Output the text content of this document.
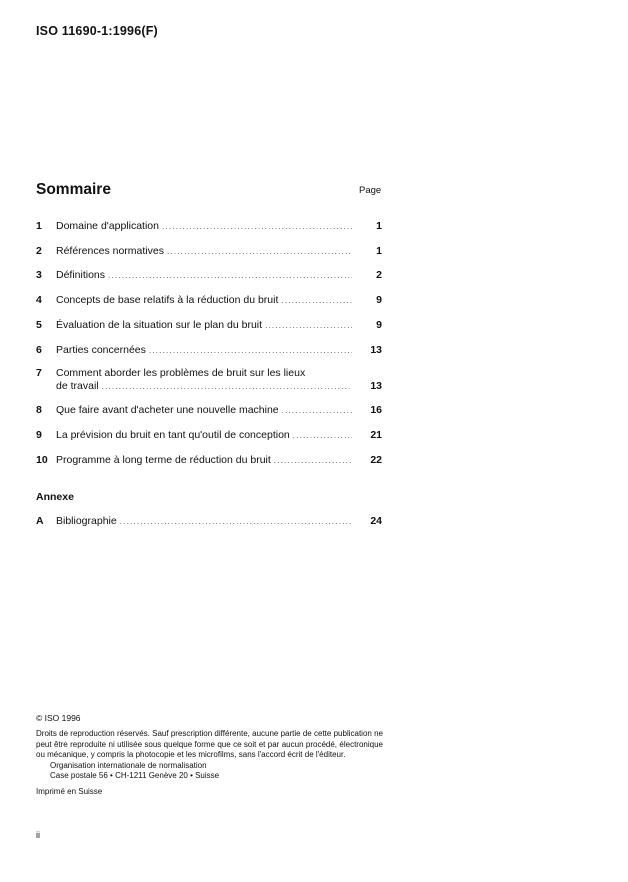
ISO 11690-1:1996(F)
Sommaire	Page
1	Domaine d'application .....	1
2	Références normatives .....	1
3	Définitions .....	2
4	Concepts de base relatifs à la réduction du bruit .....	9
5	Évaluation de la situation sur le plan du bruit .....	9
6	Parties concernées .....	13
7	Comment aborder les problèmes de bruit sur les lieux
de travail .....	13
8	Que faire avant d'acheter une nouvelle machine .....	16
9	La prévision du bruit en tant qu'outil de conception .....	21
10 Programme à long terme de réduction du bruit .....	22
Annexe
A	Bibliographie .....	24
© ISO 1996
Droits de reproduction réservés. Sauf prescription différente, aucune partie de cette publication ne peut être reproduite ni utilisée sous quelque forme que ce soit et par aucun procédé, électronique ou mécanique, y compris la photocopie et les microfilms, sans l'accord écrit de l'éditeur.
Organisation internationale de normalisation
Case postale 56 • CH-1211 Genève 20 • Suisse
Imprimé en Suisse
ii
